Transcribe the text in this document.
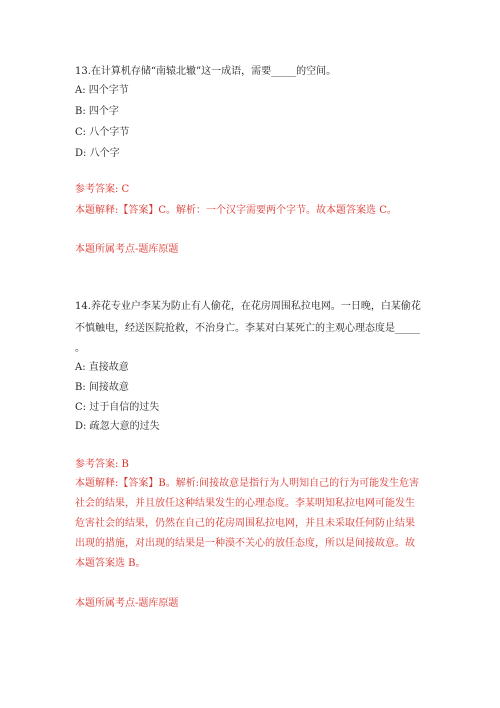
13.在计算机存储“南辕北辙”这一成语，需要_____的空间。
A: 四个字节
B: 四个字
C: 八个字节
D: 八个字
参考答案: C
本题解释:【答案】C。解析：一个汉字需要两个字节。故本题答案选 C。
本题所属考点-题库原题
14.养花专业户李某为防止有人偷花，在花房周围私拉电网。一日晚，白某偷花
不慎触电，经送医院抢救，不治身亡。李某对白某死亡的主观心理态度是_____
。
A: 直接故意
B: 间接故意
C: 过于自信的过失
D: 疏忽大意的过失
参考答案: B
本题解释:【答案】B。解析:间接故意是指行为人明知自己的行为可能发生危害
社会的结果，并且放任这种结果发生的心理态度。李某明知私拉电网可能发生
危害社会的结果，仍然在自己的花房周围私拉电网，并且未采取任何防止结果
出现的措施，对出现的结果是一种漠不关心的放任态度，所以是间接故意。故
本题答案选 B。
本题所属考点-题库原题
